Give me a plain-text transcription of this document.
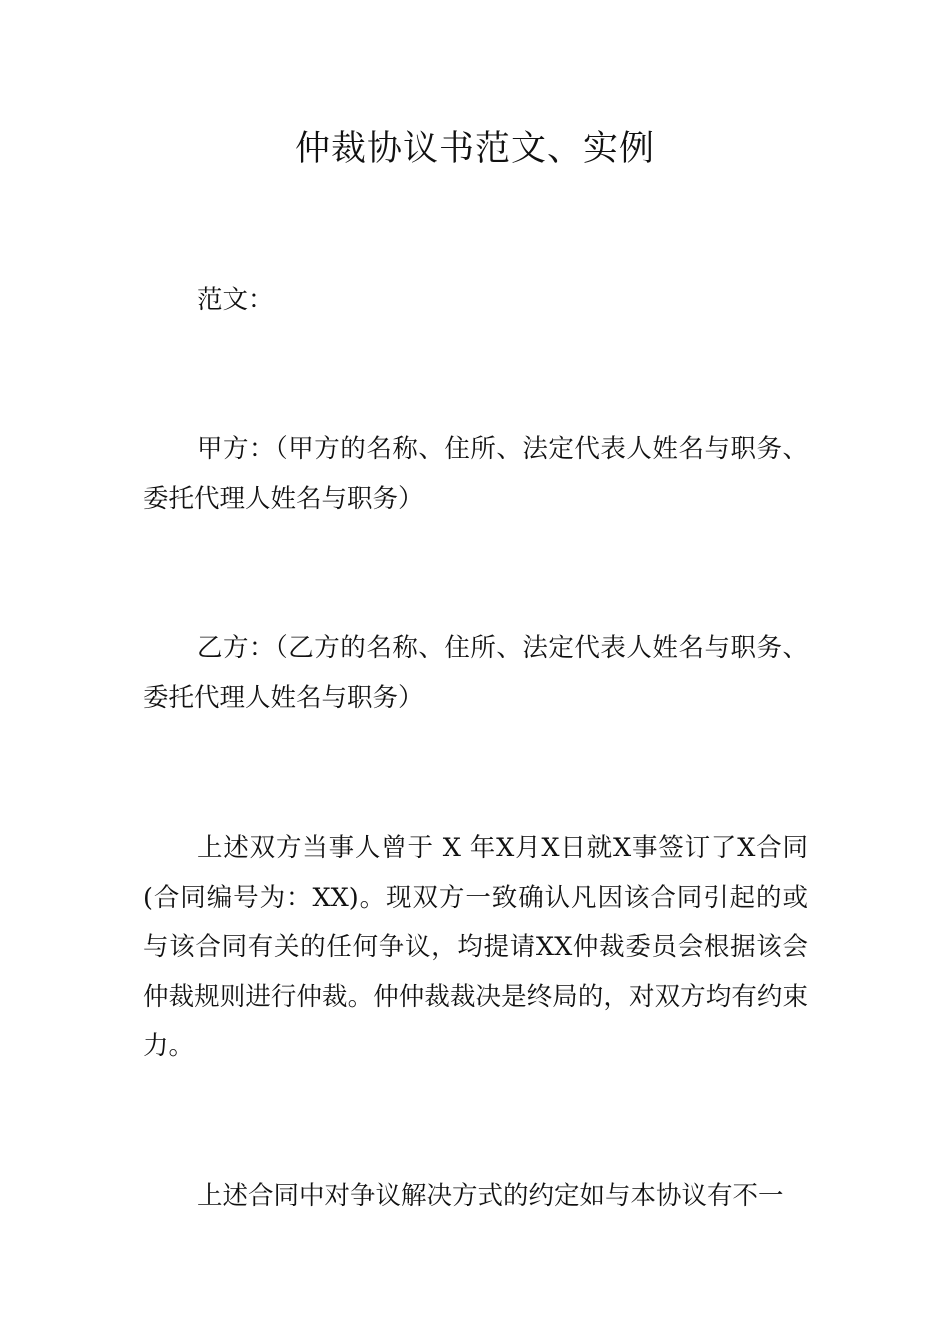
仲裁协议书范文、实例

范文：

甲方：（甲方的名称、住所、法定代表人姓名与职务、委托代理人姓名与职务）

乙方：（乙方的名称、住所、法定代表人姓名与职务、委托代理人姓名与职务）

上述双方当事人曾于 X 年X月X日就X事签订了X合同(合同编号为：XX)。现双方一致确认凡因该合同引起的或与该合同有关的任何争议，均提请XX仲裁委员会根据该会仲裁规则进行仲裁。仲仲裁裁决是终局的，对双方均有约束力。

上述合同中对争议解决方式的约定如与本协议有不一
